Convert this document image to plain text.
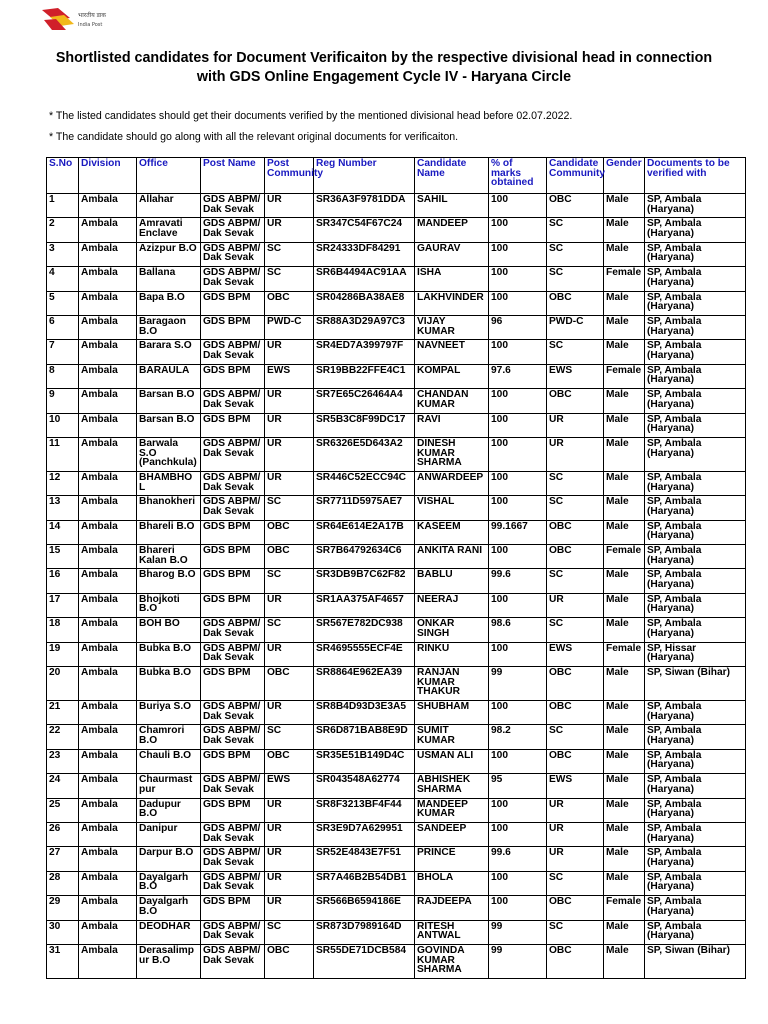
भारतीय डाक
India Post
Shortlisted candidates for Document Verificaiton by the respective divisional head in connection
with GDS Online Engagement Cycle IV - Haryana Circle
* The listed candidates should get their documents verified by the mentioned divisional head before 02.07.2022.
* The candidate should go along with all the relevant original documents for verificaiton.
S.No	Division	Office	Post Name	Post Community	Reg Number	Candidate Name	% of marks obtained	Candidate Community	Gender	Documents to be verified with
1	Ambala	Allahar	GDS ABPM/ Dak Sevak	UR	SR36A3F9781DDA	SAHIL	100	OBC	Male	SP, Ambala (Haryana)
2	Ambala	Amravati Enclave	GDS ABPM/ Dak Sevak	UR	SR347C54F67C24	MANDEEP	100	SC	Male	SP, Ambala (Haryana)
3	Ambala	Azizpur B.O	GDS ABPM/ Dak Sevak	SC	SR24333DF84291	GAURAV	100	SC	Male	SP, Ambala (Haryana)
4	Ambala	Ballana	GDS ABPM/ Dak Sevak	SC	SR6B4494AC91AA	ISHA	100	SC	Female	SP, Ambala (Haryana)
5	Ambala	Bapa B.O	GDS BPM	OBC	SR04286BA38AE8	LAKHVINDER	100	OBC	Male	SP, Ambala (Haryana)
6	Ambala	Baragaon B.O	GDS BPM	PWD-C	SR88A3D29A97C3	VIJAY KUMAR	96	PWD-C	Male	SP, Ambala (Haryana)
7	Ambala	Barara S.O	GDS ABPM/ Dak Sevak	UR	SR4ED7A399797F	NAVNEET	100	SC	Male	SP, Ambala (Haryana)
8	Ambala	BARAULA	GDS BPM	EWS	SR19BB22FFE4C1	KOMPAL	97.6	EWS	Female	SP, Ambala (Haryana)
9	Ambala	Barsan B.O	GDS ABPM/ Dak Sevak	UR	SR7E65C26464A4	CHANDAN KUMAR	100	OBC	Male	SP, Ambala (Haryana)
10	Ambala	Barsan B.O	GDS BPM	UR	SR5B3C8F99DC17	RAVI	100	UR	Male	SP, Ambala (Haryana)
11	Ambala	Barwala S.O (Panchkula)	GDS ABPM/ Dak Sevak	UR	SR6326E5D643A2	DINESH KUMAR SHARMA	100	UR	Male	SP, Ambala (Haryana)
12	Ambala	BHAMBHO L	GDS ABPM/ Dak Sevak	UR	SR446C52ECC94C	ANWARDEEP	100	SC	Male	SP, Ambala (Haryana)
13	Ambala	Bhanokheri	GDS ABPM/ Dak Sevak	SC	SR7711D5975AE7	VISHAL	100	SC	Male	SP, Ambala (Haryana)
14	Ambala	Bhareli B.O	GDS BPM	OBC	SR64E614E2A17B	KASEEM	99.1667	OBC	Male	SP, Ambala (Haryana)
15	Ambala	Bhareri Kalan B.O	GDS BPM	OBC	SR7B64792634C6	ANKITA RANI	100	OBC	Female	SP, Ambala (Haryana)
16	Ambala	Bharog B.O	GDS BPM	SC	SR3DB9B7C62F82	BABLU	99.6	SC	Male	SP, Ambala (Haryana)
17	Ambala	Bhojkoti B.O	GDS BPM	UR	SR1AA375AF4657	NEERAJ	100	UR	Male	SP, Ambala (Haryana)
18	Ambala	BOH BO	GDS ABPM/ Dak Sevak	SC	SR567E782DC938	ONKAR SINGH	98.6	SC	Male	SP, Ambala (Haryana)
19	Ambala	Bubka B.O	GDS ABPM/ Dak Sevak	UR	SR4695555ECF4E	RINKU	100	EWS	Female	SP, Hissar (Haryana)
20	Ambala	Bubka B.O	GDS BPM	OBC	SR8864E962EA39	RANJAN KUMAR THAKUR	99	OBC	Male	SP, Siwan (Bihar)
21	Ambala	Buriya S.O	GDS ABPM/ Dak Sevak	UR	SR8B4D93D3E3A5	SHUBHAM	100	OBC	Male	SP, Ambala (Haryana)
22	Ambala	Chamrori B.O	GDS ABPM/ Dak Sevak	SC	SR6D871BAB8E9D	SUMIT KUMAR	98.2	SC	Male	SP, Ambala (Haryana)
23	Ambala	Chauli B.O	GDS BPM	OBC	SR35E51B149D4C	USMAN ALI	100	OBC	Male	SP, Ambala (Haryana)
24	Ambala	Chaurmast pur	GDS ABPM/ Dak Sevak	EWS	SR043548A62774	ABHISHEK SHARMA	95	EWS	Male	SP, Ambala (Haryana)
25	Ambala	Dadupur B.O	GDS BPM	UR	SR8F3213BF4F44	MANDEEP KUMAR	100	UR	Male	SP, Ambala (Haryana)
26	Ambala	Danipur	GDS ABPM/ Dak Sevak	UR	SR3E9D7A629951	SANDEEP	100	UR	Male	SP, Ambala (Haryana)
27	Ambala	Darpur B.O	GDS ABPM/ Dak Sevak	UR	SR52E4843E7F51	PRINCE	99.6	UR	Male	SP, Ambala (Haryana)
28	Ambala	Dayalgarh B.O	GDS ABPM/ Dak Sevak	UR	SR7A46B2B54DB1	BHOLA	100	SC	Male	SP, Ambala (Haryana)
29	Ambala	Dayalgarh B.O	GDS BPM	UR	SR566B6594186E	RAJDEEPA	100	OBC	Female	SP, Ambala (Haryana)
30	Ambala	DEODHAR	GDS ABPM/ Dak Sevak	SC	SR873D7989164D	RITESH ANTWAL	99	SC	Male	SP, Ambala (Haryana)
31	Ambala	Derasalimp ur B.O	GDS ABPM/ Dak Sevak	OBC	SR55DE71DCB584	GOVINDA KUMAR SHARMA	99	OBC	Male	SP, Siwan (Bihar)
